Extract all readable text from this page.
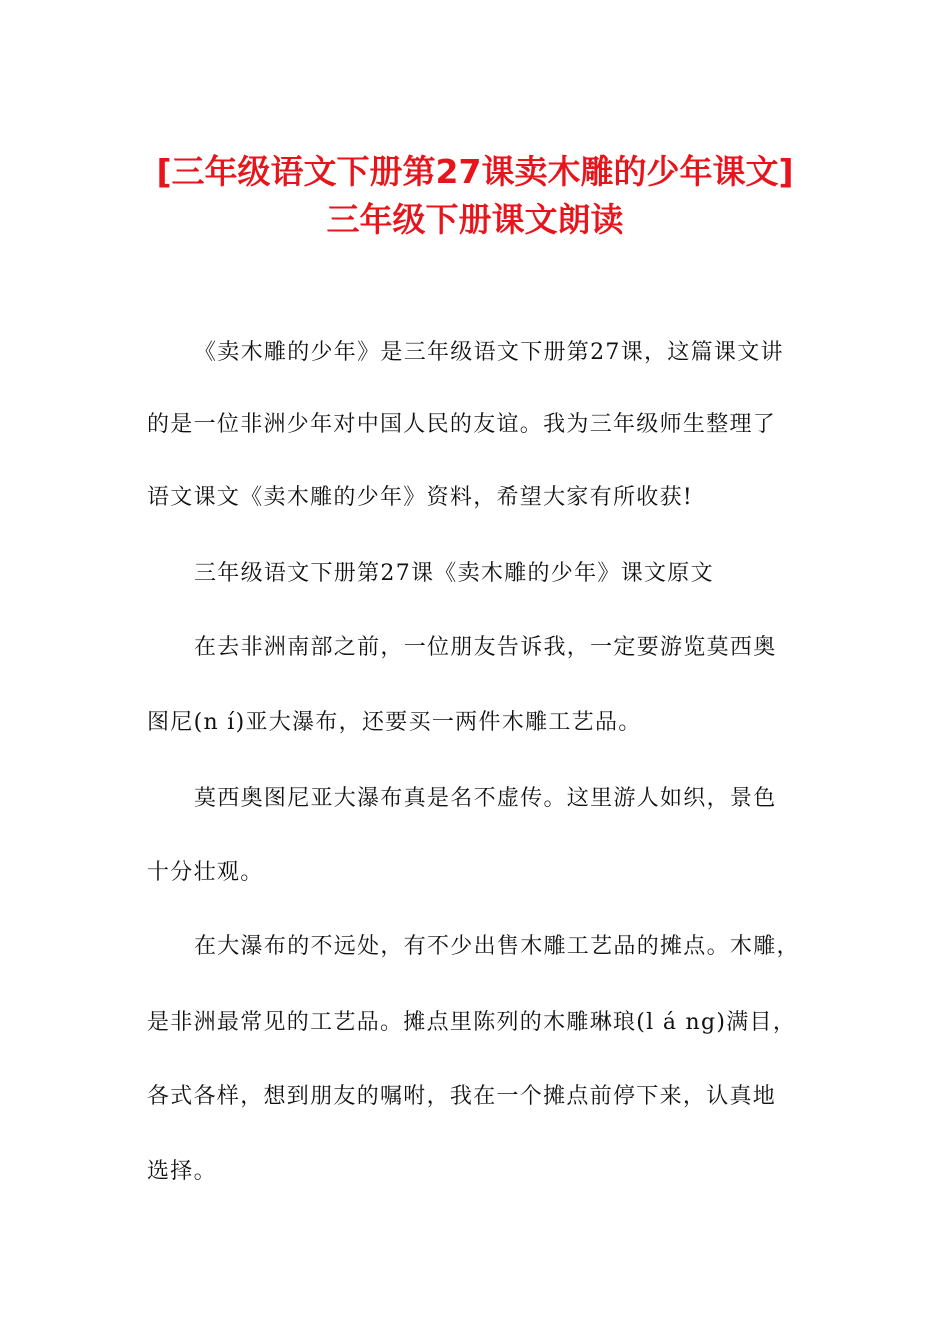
[三年级语文下册第27课卖木雕的少年课文]
三年级下册课文朗读

《卖木雕的少年》是三年级语文下册第27课，这篇课文讲

的是一位非洲少年对中国人民的友谊。我为三年级师生整理了

语文课文《卖木雕的少年》资料，希望大家有所收获!

三年级语文下册第27课《卖木雕的少年》课文原文

在去非洲南部之前，一位朋友告诉我，一定要游览莫西奥

图尼(n í)亚大瀑布，还要买一两件木雕工艺品。

莫西奥图尼亚大瀑布真是名不虚传。这里游人如织，景色

十分壮观。

在大瀑布的不远处，有不少出售木雕工艺品的摊点。木雕，

是非洲最常见的工艺品。摊点里陈列的木雕琳琅(l á ng)满目，

各式各样，想到朋友的嘱咐，我在一个摊点前停下来，认真地

选择。
